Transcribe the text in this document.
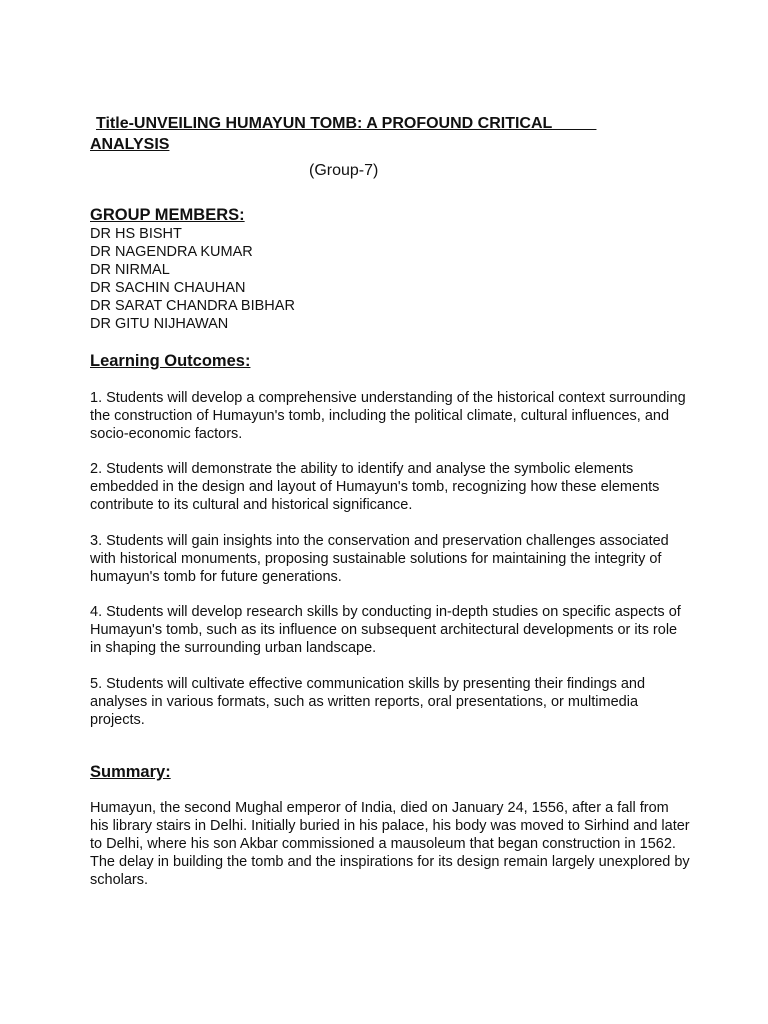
Title-UNVEILING HUMAYUN TOMB: A PROFOUND CRITICAL
ANALYSIS
(Group-7)
GROUP MEMBERS:
DR HS BISHT
DR NAGENDRA KUMAR
DR NIRMAL
DR SACHIN CHAUHAN
DR SARAT CHANDRA BIBHAR
DR GITU NIJHAWAN
Learning Outcomes:

1. Students will develop a comprehensive understanding of the historical context surrounding the construction of Humayun's tomb, including the political climate, cultural influences, and socio-economic factors.

2. Students will demonstrate the ability to identify and analyse the symbolic elements embedded in the design and layout of Humayun's tomb, recognizing how these elements contribute to its cultural and historical significance.

3. Students will gain insights into the conservation and preservation challenges associated with historical monuments, proposing sustainable solutions for maintaining the integrity of humayun's tomb for future generations.

4. Students will develop research skills by conducting in-depth studies on specific aspects of Humayun's tomb, such as its influence on subsequent architectural developments or its role in shaping the surrounding urban landscape.

5. Students will cultivate effective communication skills by presenting their findings and analyses in various formats, such as written reports, oral presentations, or multimedia projects.

Summary:

Humayun, the second Mughal emperor of India, died on January 24, 1556, after a fall from his library stairs in Delhi. Initially buried in his palace, his body was moved to Sirhind and later to Delhi, where his son Akbar commissioned a mausoleum that began construction in 1562. The delay in building the tomb and the inspirations for its design remain largely unexplored by scholars.
